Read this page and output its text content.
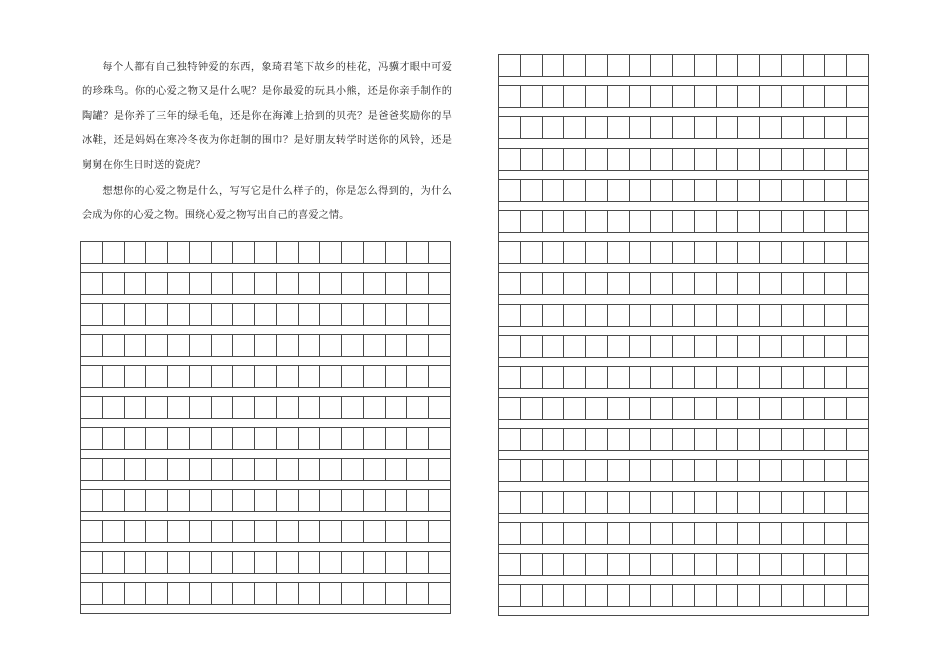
每个人都有自己独特钟爱的东西，象琦君笔下故乡的桂花，冯骥才眼中可爱的珍珠鸟。你的心爱之物又是什么呢？是你最爱的玩具小熊，还是你亲手制作的陶罐？是你养了三年的绿毛龟，还是你在海滩上拾到的贝壳？是爸爸奖励你的旱冰鞋，还是妈妈在寒冷冬夜为你赶制的围巾？是好朋友转学时送你的风铃，还是舅舅在你生日时送的瓷虎？

想想你的心爱之物是什么，写写它是什么样子的，你是怎么得到的，为什么会成为你的心爱之物。围绕心爱之物写出自己的喜爱之情。
